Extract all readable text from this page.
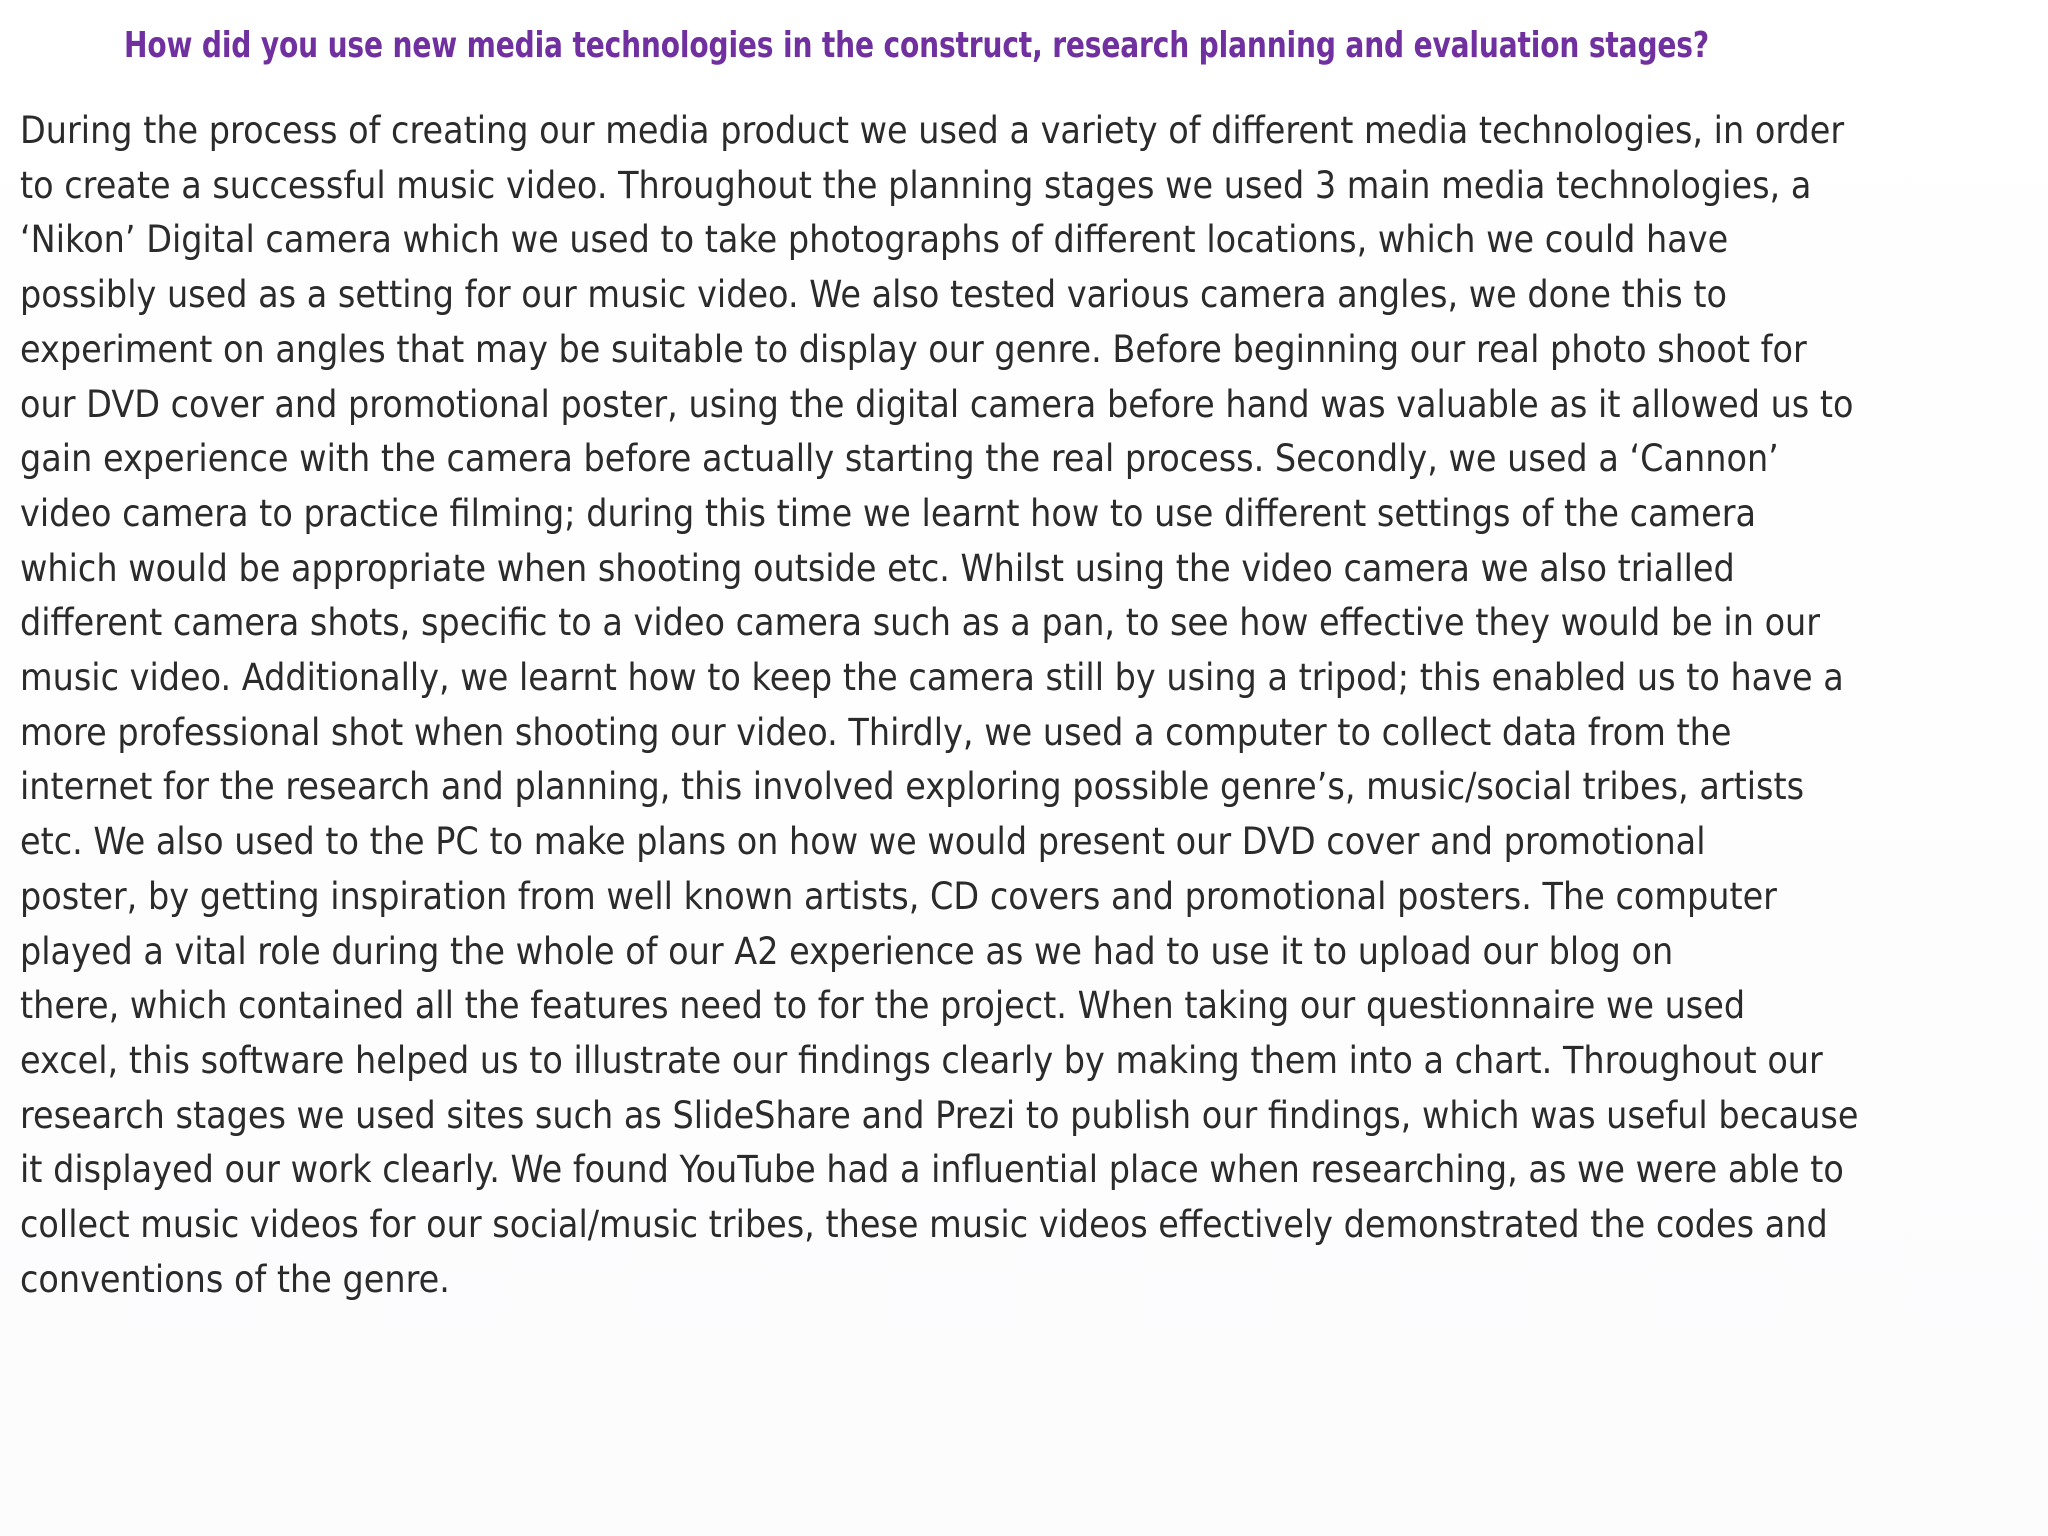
How did you use new media technologies in the construct, research planning and evaluation stages?
During the process of creating our media product we used a variety of different media technologies, in order
to create a successful music video. Throughout the planning stages we used 3 main media technologies, a
‘Nikon’ Digital camera which we used to take photographs of different locations, which we could have
possibly used as a setting for our music video. We also tested various camera angles, we done this to
experiment on angles that may be suitable to display our genre. Before beginning our real photo shoot for
our DVD cover and promotional poster, using the digital camera before hand was valuable as it allowed us to
gain experience with the camera before actually starting the real process. Secondly, we used a ‘Cannon’
video camera to practice filming; during this time we learnt how to use different settings of the camera
which would be appropriate when shooting outside etc. Whilst using the video camera we also trialled
different camera shots, specific to a video camera such as a pan, to see how effective they would be in our
music video. Additionally, we learnt how to keep the camera still by using a tripod; this enabled us to have a
more professional shot when shooting our video. Thirdly, we used a computer to collect data from the
internet for the research and planning, this involved exploring possible genre’s, music/social tribes, artists
etc. We also used to the PC to make plans on how we would present our DVD cover and promotional
poster, by getting inspiration from well known artists, CD covers and promotional posters. The computer
played a vital role during the whole of our A2 experience as we had to use it to upload our blog on
there, which contained all the features need to for the project. When taking our questionnaire we used
excel, this software helped us to illustrate our findings clearly by making them into a chart. Throughout our
research stages we used sites such as SlideShare and Prezi to publish our findings, which was useful because
it displayed our work clearly. We found YouTube had a influential place when researching, as we were able to
collect music videos for our social/music tribes, these music videos effectively demonstrated the codes and
conventions of the genre.
